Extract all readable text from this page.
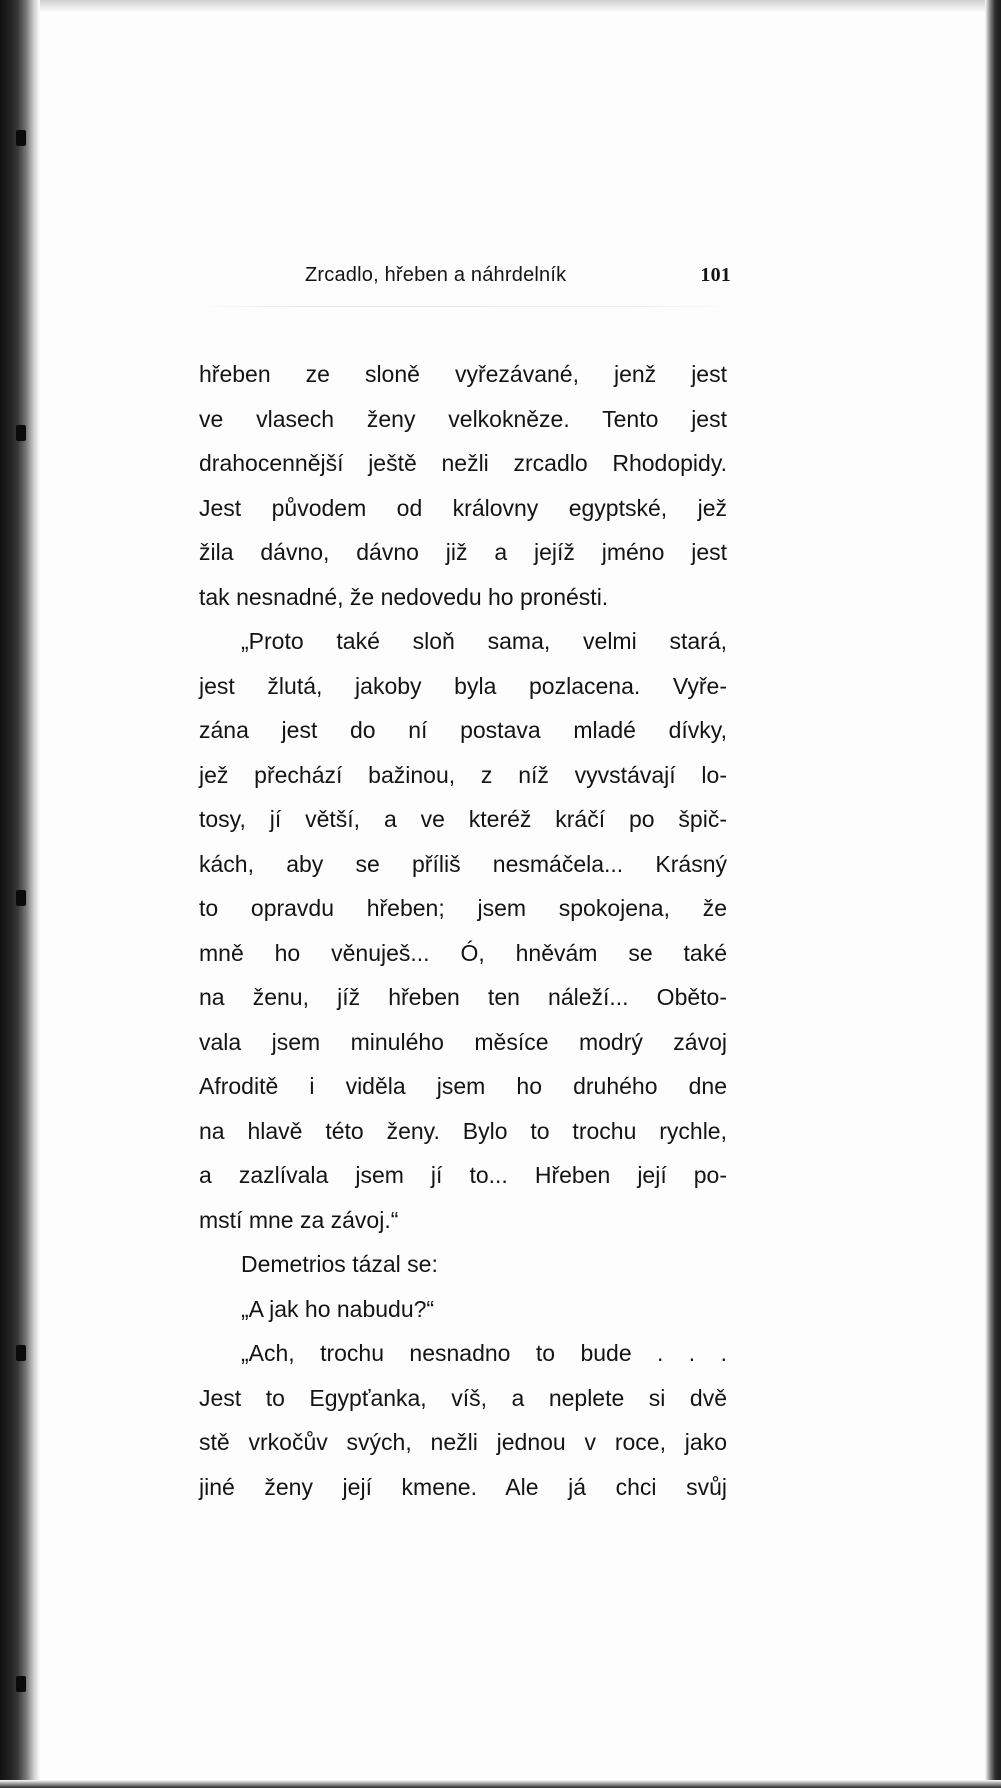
Zrcadlo, hřeben a náhrdelník	101
hřeben ze sloně vyřezávané, jenž jest
ve vlasech ženy velkokněze. Tento jest
drahocennější ještě nežli zrcadlo Rhodopidy.
Jest původem od královny egyptské, jež
žila dávno, dávno již a jejíž jméno jest
tak nesnadné, že nedovedu ho pronésti.
„Proto také sloň sama, velmi stará,
jest žlutá, jakoby byla pozlacena. Vyře-
zána jest do ní postava mladé dívky,
jež přechází bažinou, z níž vyvstávají lo-
tosy, jí větší, a ve kteréž kráčí po špič-
kách, aby se příliš nesmáčela... Krásný
to opravdu hřeben; jsem spokojena, že
mně ho věnuješ... Ó, hněvám se také
na ženu, jíž hřeben ten náleží... Oběto-
vala jsem minulého měsíce modrý závoj
Afroditě i viděla jsem ho druhého dne
na hlavě této ženy. Bylo to trochu rychle,
a zazlívala jsem jí to... Hřeben její po-
mstí mne za závoj.“
Demetrios tázal se:
„A jak ho nabudu?“
„Ach, trochu nesnadno to bude . . .
Jest to Egypťanka, víš, a neplete si dvě
stě vrkočův svých, nežli jednou v roce, jako
jiné ženy její kmene. Ale já chci svůj
